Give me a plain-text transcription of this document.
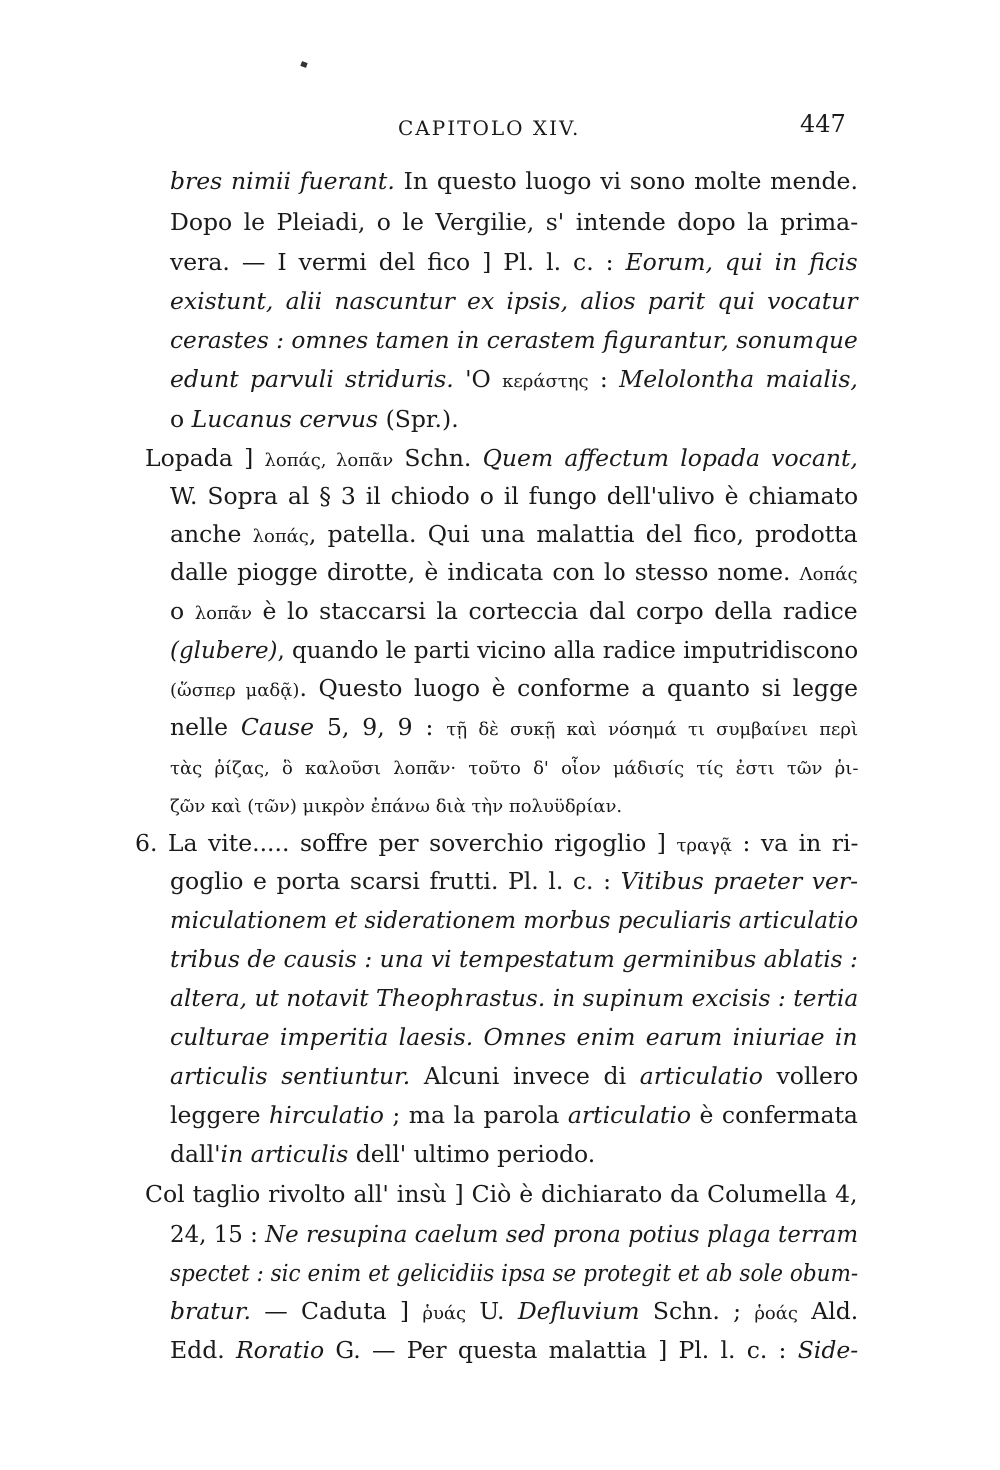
CAPITOLO XIV.	447
bres nimii fuerant. In questo luogo vi sono molte mende.
Dopo le Pleiadi, o le Vergilie, s' intende dopo la prima-
vera. — I vermi del fico ] Pl. l. c. : Eorum, qui in ficis
existunt, alii nascuntur ex ipsis, alios parit qui vocatur
cerastes : omnes tamen in cerastem figurantur, sonumque
edunt parvuli striduris. 'Ο κεράστης : Melolontha maialis,
o Lucanus cervus (Spr.).
Lopada ] λοπάς, λοπᾶν Schn. Quem affectum lopada vocant,
W. Sopra al § 3 il chiodo o il fungo dell'ulivo è chiamato
anche λοπάς, patella. Qui una malattia del fico, prodotta
dalle piogge dirotte, è indicata con lo stesso nome. Λοπάς
o λοπᾶν è lo staccarsi la corteccia dal corpo della radice
(glubere), quando le parti vicino alla radice imputridiscono
(ὥσπερ μαδᾷ). Questo luogo è conforme a quanto si legge
nelle Cause 5, 9, 9 : τῇ δὲ συκῇ καὶ νόσημά τι συμβαίνει περὶ
τὰς ῥίζας, ὃ καλοῦσι λοπᾶν· τοῦτο δ' οἷον μάδισίς τίς ἐστι τῶν ῥι-
ζῶν καὶ (τῶν) μικρὸν ἐπάνω διὰ τὴν πολυϋδρίαν.
6. La vite..... soffre per soverchio rigoglio ] τραγᾷ : va in ri-
goglio e porta scarsi frutti. Pl. l. c. : Vitibus praeter ver-
miculationem et siderationem morbus peculiaris articulatio
tribus de causis : una vi tempestatum germinibus ablatis :
altera, ut notavit Theophrastus. in supinum excisis : tertia
culturae imperitia laesis. Omnes enim earum iniuriae in
articulis sentiuntur. Alcuni invece di articulatio vollero
leggere hirculatio ; ma la parola articulatio è confermata
dall'in articulis dell' ultimo periodo.
Col taglio rivolto all' insù ] Ciò è dichiarato da Columella 4,
24, 15 : Ne resupina caelum sed prona potius plaga terram
spectet : sic enim et gelicidiis ipsa se protegit et ab sole obum-
bratur. — Caduta ] ῥυάς U. Defluvium Schn. ; ῥοάς Ald.
Edd. Roratio G. — Per questa malattia ] Pl. l. c. : Side-
